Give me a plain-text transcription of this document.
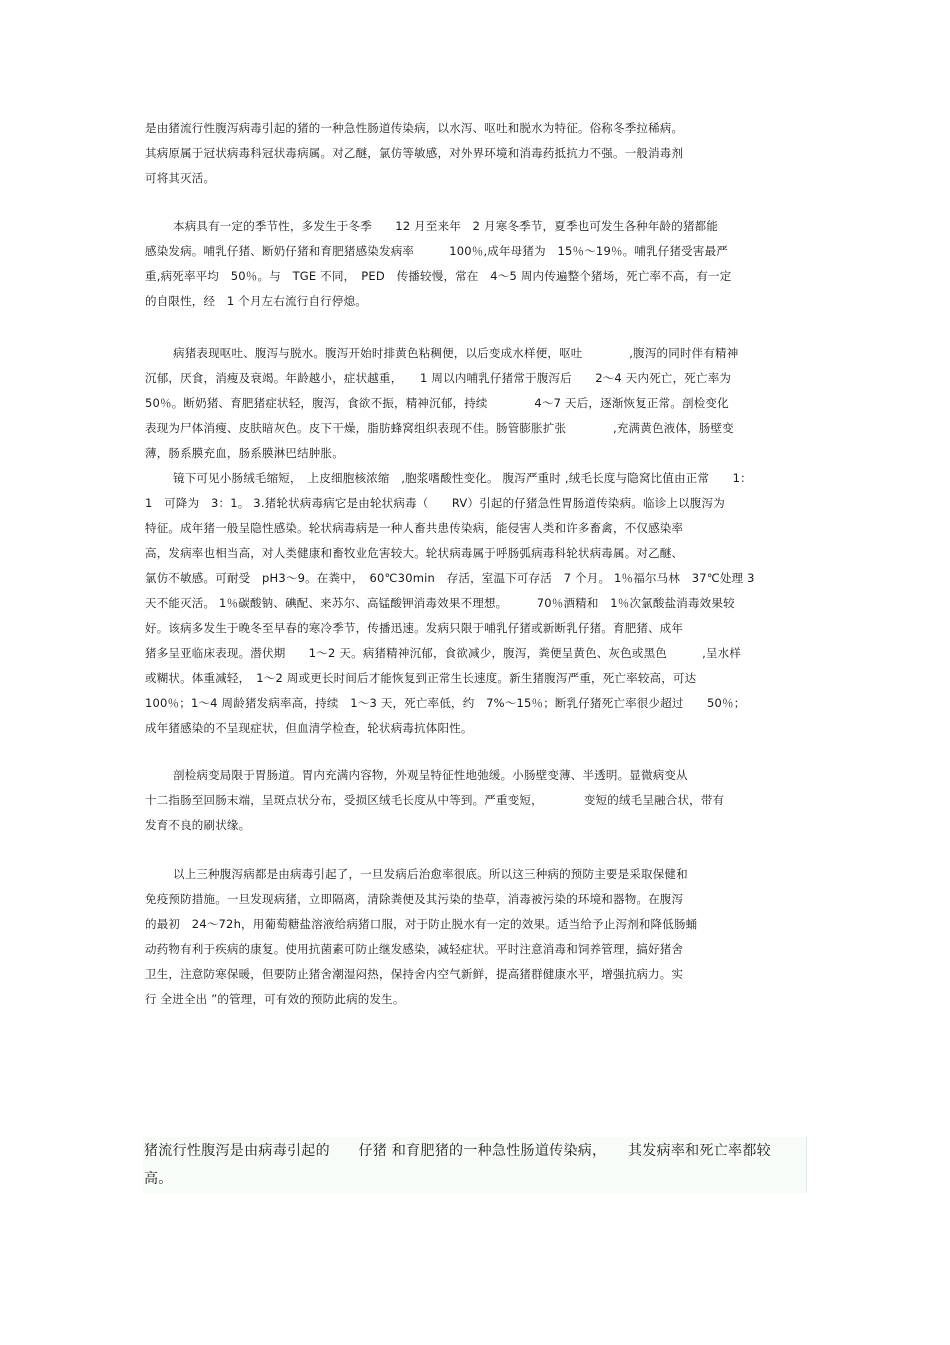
是由猪流行性腹泻病毒引起的猪的一种急性肠道传染病，以水泻、呕吐和脱水为特征。俗称冬季拉稀病。
其病原属于冠状病毒科冠状毒病属。对乙醚，氯仿等敏感，对外界环境和消毒药抵抗力不强。一般消毒剂
可将其灭活。
本病具有一定的季节性，多发生于冬季　　12 月至来年　2 月寒冬季节，夏季也可发生各种年龄的猪都能
感染发病。哺乳仔猪、断奶仔猪和育肥猪感染发病率　　　100％,成年母猪为　15％～19％。哺乳仔猪受害最严
重,病死率平均　50％。与　TGE 不同，　PED　传播较慢，常在　4～5 周内传遍整个猪场，死亡率不高，有一定
的自限性，经　1 个月左右流行自行停熄。
病猪表现呕吐、腹泻与脱水。腹泻开始时排黄色粘稠便，以后变成水样便，呕吐　　　　,腹泻的同时伴有精神
沉郁，厌食，消瘦及衰竭。年龄越小，症状越重，　　1 周以内哺乳仔猪常于腹泻后　　2～4 天内死亡，死亡率为
50％。断奶猪、育肥猪症状轻，腹泻，食欲不振，精神沉郁，持续　　　　4～7 天后，逐渐恢复正常。剖检变化
表现为尸体消瘦、皮肤暗灰色。皮下干燥，脂肪蜂窝组织表现不佳。肠管膨胀扩张　　　　,充满黄色液体，肠壁变
薄，肠系膜充血，肠系膜淋巴结肿胀。
镜下可见小肠绒毛缩短，　上皮细胞核浓缩　,胞浆嗜酸性变化。 腹泻严重时 ,绒毛长度与隐窝比值由正常　　1：
1　可降为　3：1。 3.猪轮状病毒病它是由轮状病毒（　　RV）引起的仔猪急性胃肠道传染病。临诊上以腹泻为
特征。成年猪一般呈隐性感染。轮状病毒病是一种人畜共患传染病，能侵害人类和许多畜禽，不仅感染率
高，发病率也相当高，对人类健康和畜牧业危害较大。轮状病毒属于呼肠弧病毒科轮状病毒属。对乙醚、
氯仿不敏感。可耐受　pH3～9。在粪中，　60℃30min　存活，室温下可存活　7 个月。 1％福尔马林　37℃处理 3
天不能灭活。 1％碳酸钠、碘配、来苏尔、高锰酸钾消毒效果不理想。　　　70％酒精和　1％次氯酸盐消毒效果较
好。该病多发生于晚冬至早春的寒冷季节，传播迅速。发病只限于哺乳仔猪或新断乳仔猪。育肥猪、成年
猪多呈亚临床表现。潜伏期　　1～2 天。病猪精神沉郁，食欲减少，腹泻，粪便呈黄色、灰色或黑色　　　,呈水样
或糊状。体重减轻，　1～2 周或更长时间后才能恢复到正常生长速度。新生猪腹泻严重，死亡率较高，可达
100％；1～4 周龄猪发病率高，持续　1～3 天，死亡率低，约　7%～15％；断乳仔猪死亡率很少超过　　50％；
成年猪感染的不呈现症状，但血清学检查，轮状病毒抗体阳性。
剖检病变局限于胃肠道。胃内充满内容物，外观呈特征性地弛缓。小肠壁变薄、半透明。显微病变从
十二指肠至回肠末端，呈斑点状分布，受损区绒毛长度从中等到。严重变短，　　　　变短的绒毛呈融合状，带有
发育不良的刷状缘。
以上三种腹泻病都是由病毒引起了，一旦发病后治愈率很底。所以这三种病的预防主要是采取保健和
免疫预防措施。一旦发现病猪，立即隔离，清除粪便及其污染的垫草，消毒被污染的环境和器物。在腹泻
的最初　24～72h，用葡萄糖盐溶液给病猪口服，对于防止脱水有一定的效果。适当给予止泻剂和降低肠蛹
动药物有利于疾病的康复。使用抗菌素可防止继发感染，减轻症状。平时注意消毒和饲养管理，搞好猪舍
卫生，注意防寒保暖，但要防止猪舍潮湿闷热，保持舍内空气新鲜，提高猪群健康水平，增强抗病力。实
行 全进全出 ”的管理，可有效的预防此病的发生。
猪流行性腹泻是由病毒引起的　　仔猪 和育肥猪的一种急性肠道传染病，　　其发病率和死亡率都较
高。
